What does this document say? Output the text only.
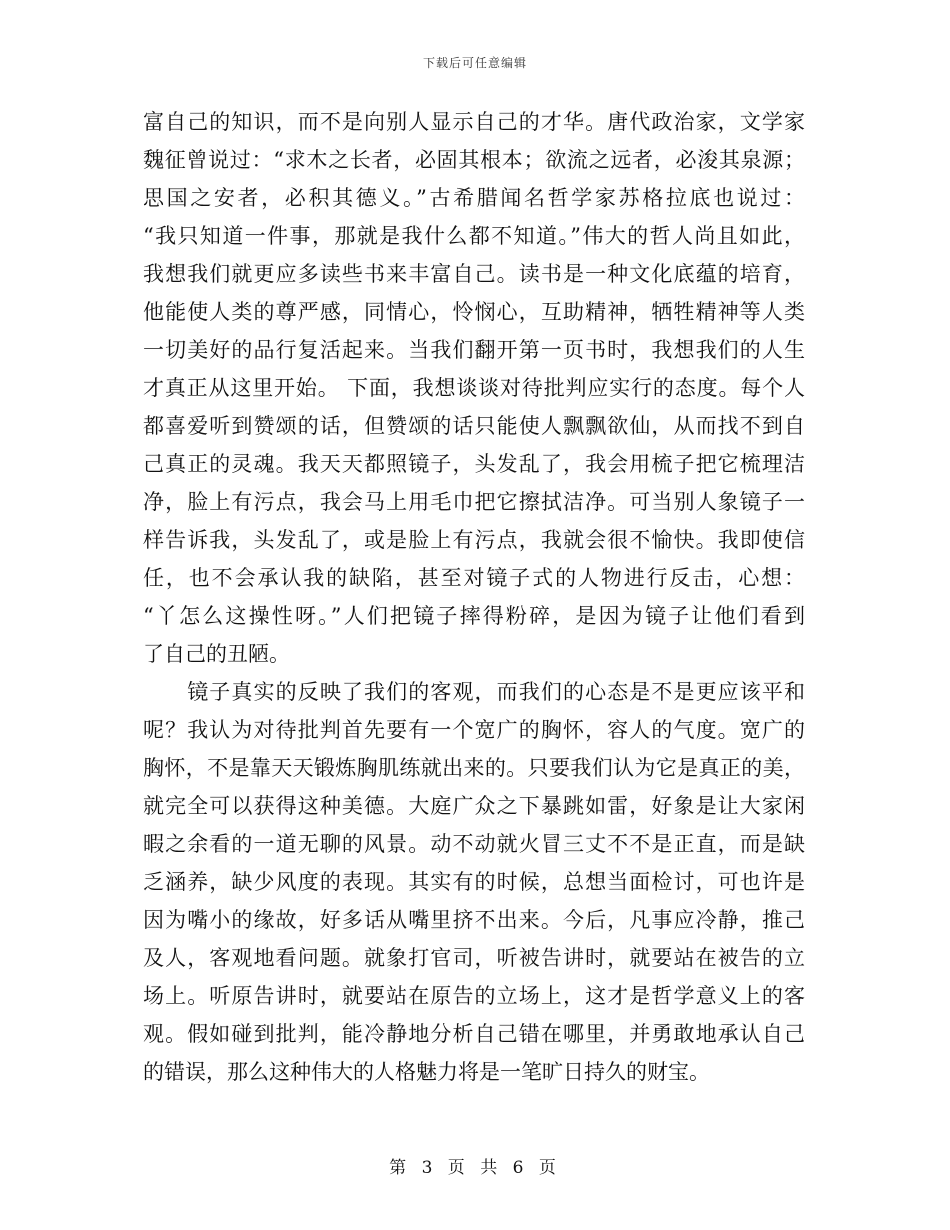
下载后可任意编辑
富自己的知识，而不是向别人显示自己的才华。唐代政治家，文学家
魏征曾说过：“求木之长者，必固其根本；欲流之远者，必浚其泉源；
思国之安者，必积其德义。”古希腊闻名哲学家苏格拉底也说过：
“我只知道一件事，那就是我什么都不知道。”伟大的哲人尚且如此，
我想我们就更应多读些书来丰富自己。读书是一种文化底蕴的培育，
他能使人类的尊严感，同情心，怜悯心，互助精神，牺牲精神等人类
一切美好的品行复活起来。当我们翻开第一页书时，我想我们的人生
才真正从这里开始。 下面，我想谈谈对待批判应实行的态度。每个人
都喜爱听到赞颂的话，但赞颂的话只能使人飘飘欲仙，从而找不到自
己真正的灵魂。我天天都照镜子，头发乱了，我会用梳子把它梳理洁
净，脸上有污点，我会马上用毛巾把它擦拭洁净。可当别人象镜子一
样告诉我，头发乱了，或是脸上有污点，我就会很不愉快。我即使信
任，也不会承认我的缺陷，甚至对镜子式的人物进行反击，心想：
“丫怎么这操性呀。”人们把镜子摔得粉碎，是因为镜子让他们看到
了自己的丑陋。
　　镜子真实的反映了我们的客观，而我们的心态是不是更应该平和
呢？我认为对待批判首先要有一个宽广的胸怀，容人的气度。宽广的
胸怀，不是靠天天锻炼胸肌练就出来的。只要我们认为它是真正的美，
就完全可以获得这种美德。大庭广众之下暴跳如雷，好象是让大家闲
暇之余看的一道无聊的风景。动不动就火冒三丈不不是正直，而是缺
乏涵养，缺少风度的表现。其实有的时候，总想当面检讨，可也许是
因为嘴小的缘故，好多话从嘴里挤不出来。今后，凡事应冷静，推己
及人，客观地看问题。就象打官司，听被告讲时，就要站在被告的立
场上。听原告讲时，就要站在原告的立场上，这才是哲学意义上的客
观。假如碰到批判，能冷静地分析自己错在哪里，并勇敢地承认自己
的错误，那么这种伟大的人格魅力将是一笔旷日持久的财宝。
第 3 页 共 6 页
